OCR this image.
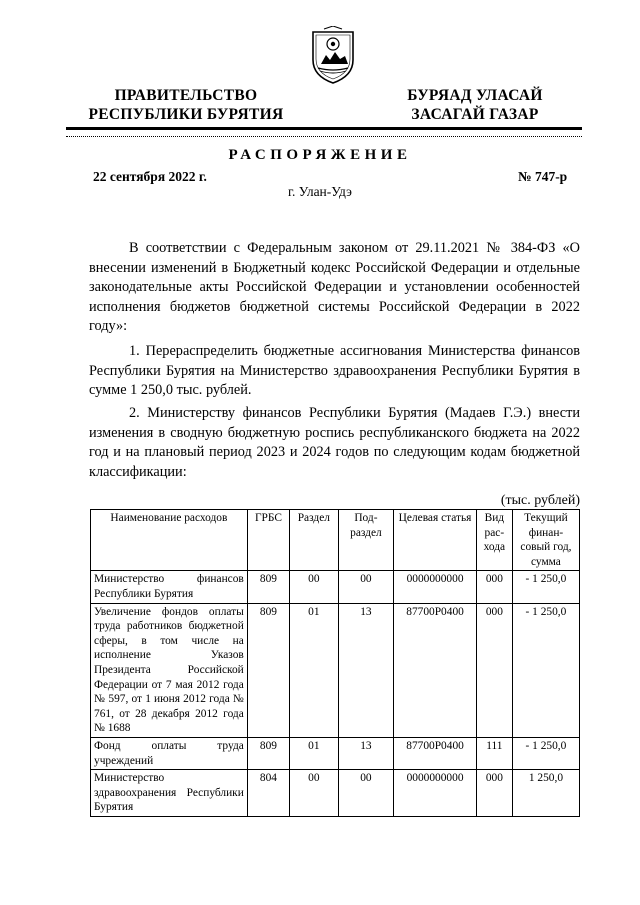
ПРАВИТЕЛЬСТВО
РЕСПУБЛИКИ БУРЯТИЯ
БУРЯАД УЛАСАЙ
ЗАСАГАЙ ГАЗАР
РАСПОРЯЖЕНИЕ
22 сентября 2022 г.	№ 747-р
г. Улан-Удэ
В соответствии с Федеральным законом от 29.11.2021 № 384-ФЗ «О внесении изменений в Бюджетный кодекс Российской Федерации и отдельные законодательные акты Российской Федерации и установлении особенностей исполнения бюджетов бюджетной системы Российской Федерации в 2022 году»:
1. Перераспределить бюджетные ассигнования Министерства финансов Республики Бурятия на Министерство здравоохранения Республики Бурятия в сумме 1 250,0 тыс. рублей.
2. Министерству финансов Республики Бурятия (Мадаев Г.Э.) внести изменения в сводную бюджетную роспись республиканского бюджета на 2022 год и на плановый период 2023 и 2024 годов по следующим кодам бюджетной классификации:
(тыс. рублей)
Наименование расходов	ГРБС	Раздел	Под-раздел	Целевая статья	Вид рас-хода	Текущий финан-совый год, сумма
Министерство финансов Республики Бурятия	809	00	00	0000000000	000	- 1 250,0
Увеличение фондов оплаты труда работников бюджетной сферы, в том числе на исполнение Указов Президента Российской Федерации от 7 мая 2012 года № 597, от 1 июня 2012 года № 761, от 28 декабря 2012 года № 1688	809	01	13	87700P0400	000	- 1 250,0
Фонд оплаты труда учреждений	809	01	13	87700P0400	111	- 1 250,0
Министерство здравоохранения Республики Бурятия	804	00	00	0000000000	000	1 250,0
